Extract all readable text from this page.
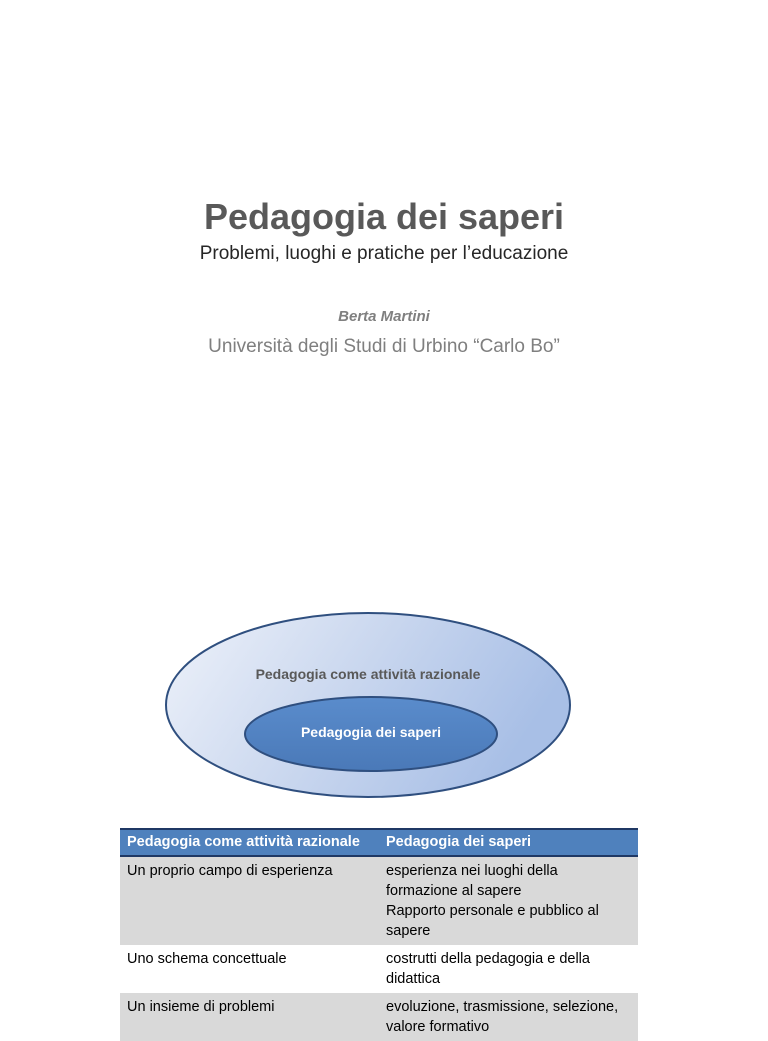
Pedagogia dei saperi
Problemi, luoghi e pratiche per l’educazione
Berta Martini
Università degli Studi di Urbino “Carlo Bo”
Pedagogia come attività razionale
Pedagogia dei saperi
Pedagogia come attività razionale	Pedagogia dei saperi
Un proprio campo di esperienza	esperienza nei luoghi della
formazione al sapere
Rapporto personale e pubblico al
sapere

Uno schema concettuale	costrutti della pedagogia e della
didattica

Un insieme di problemi	evoluzione, trasmissione, selezione,
valore formativo
